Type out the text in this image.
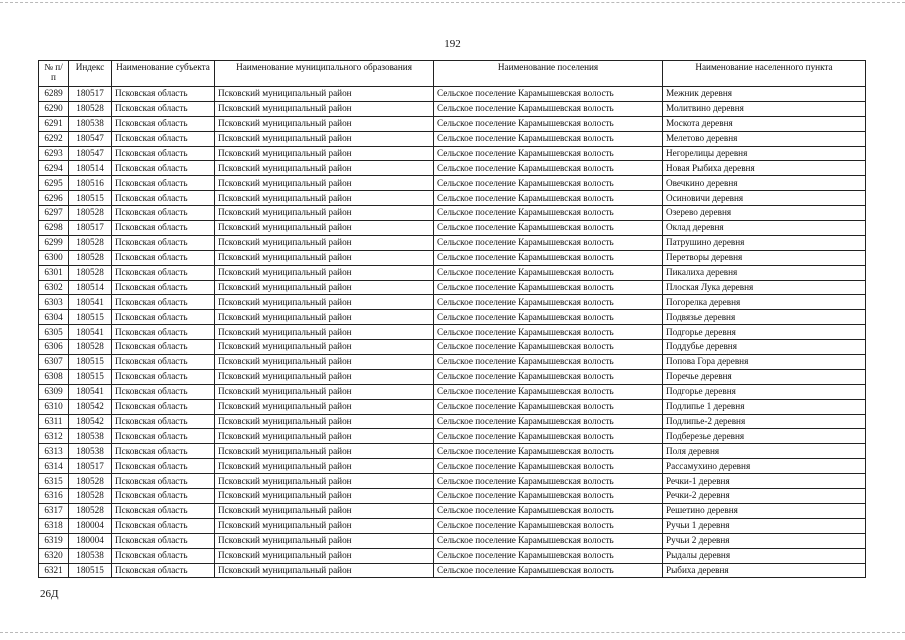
192
№ п/п	Индекс	Наименование субъекта	Наименование муниципального образования	Наименование поселения	Наименование населенного пункта
6289	180517	Псковская область	Псковский муниципальный район	Сельское поселение Карамышевская волость	Межник деревня
6290	180528	Псковская область	Псковский муниципальный район	Сельское поселение Карамышевская волость	Молитвино деревня
6291	180538	Псковская область	Псковский муниципальный район	Сельское поселение Карамышевская волость	Москота деревня
6292	180547	Псковская область	Псковский муниципальный район	Сельское поселение Карамышевская волость	Мелетово деревня
6293	180547	Псковская область	Псковский муниципальный район	Сельское поселение Карамышевская волость	Негорелицы деревня
6294	180514	Псковская область	Псковский муниципальный район	Сельское поселение Карамышевская волость	Новая Рыбиха деревня
6295	180516	Псковская область	Псковский муниципальный район	Сельское поселение Карамышевская волость	Овечкино деревня
6296	180515	Псковская область	Псковский муниципальный район	Сельское поселение Карамышевская волость	Осиновичи деревня
6297	180528	Псковская область	Псковский муниципальный район	Сельское поселение Карамышевская волость	Озерево деревня
6298	180517	Псковская область	Псковский муниципальный район	Сельское поселение Карамышевская волость	Оклад деревня
6299	180528	Псковская область	Псковский муниципальный район	Сельское поселение Карамышевская волость	Патрушино деревня
6300	180528	Псковская область	Псковский муниципальный район	Сельское поселение Карамышевская волость	Перетворы деревня
6301	180528	Псковская область	Псковский муниципальный район	Сельское поселение Карамышевская волость	Пикалиха деревня
6302	180514	Псковская область	Псковский муниципальный район	Сельское поселение Карамышевская волость	Плоская Лука деревня
6303	180541	Псковская область	Псковский муниципальный район	Сельское поселение Карамышевская волость	Погорелка деревня
6304	180515	Псковская область	Псковский муниципальный район	Сельское поселение Карамышевская волость	Подвязье деревня
6305	180541	Псковская область	Псковский муниципальный район	Сельское поселение Карамышевская волость	Подгорье деревня
6306	180528	Псковская область	Псковский муниципальный район	Сельское поселение Карамышевская волость	Поддубье деревня
6307	180515	Псковская область	Псковский муниципальный район	Сельское поселение Карамышевская волость	Попова Гора деревня
6308	180515	Псковская область	Псковский муниципальный район	Сельское поселение Карамышевская волость	Поречье деревня
6309	180541	Псковская область	Псковский муниципальный район	Сельское поселение Карамышевская волость	Подгорье деревня
6310	180542	Псковская область	Псковский муниципальный район	Сельское поселение Карамышевская волость	Подлипье 1 деревня
6311	180542	Псковская область	Псковский муниципальный район	Сельское поселение Карамышевская волость	Подлипье-2 деревня
6312	180538	Псковская область	Псковский муниципальный район	Сельское поселение Карамышевская волость	Подберезье деревня
6313	180538	Псковская область	Псковский муниципальный район	Сельское поселение Карамышевская волость	Поля деревня
6314	180517	Псковская область	Псковский муниципальный район	Сельское поселение Карамышевская волость	Рассамухино деревня
6315	180528	Псковская область	Псковский муниципальный район	Сельское поселение Карамышевская волость	Речки-1 деревня
6316	180528	Псковская область	Псковский муниципальный район	Сельское поселение Карамышевская волость	Речки-2 деревня
6317	180528	Псковская область	Псковский муниципальный район	Сельское поселение Карамышевская волость	Решетино деревня
6318	180004	Псковская область	Псковский муниципальный район	Сельское поселение Карамышевская волость	Ручьи 1 деревня
6319	180004	Псковская область	Псковский муниципальный район	Сельское поселение Карамышевская волость	Ручьи 2 деревня
6320	180538	Псковская область	Псковский муниципальный район	Сельское поселение Карамышевская волость	Рыдалы деревня
6321	180515	Псковская область	Псковский муниципальный район	Сельское поселение Карамышевская волость	Рыбиха деревня
26Д
